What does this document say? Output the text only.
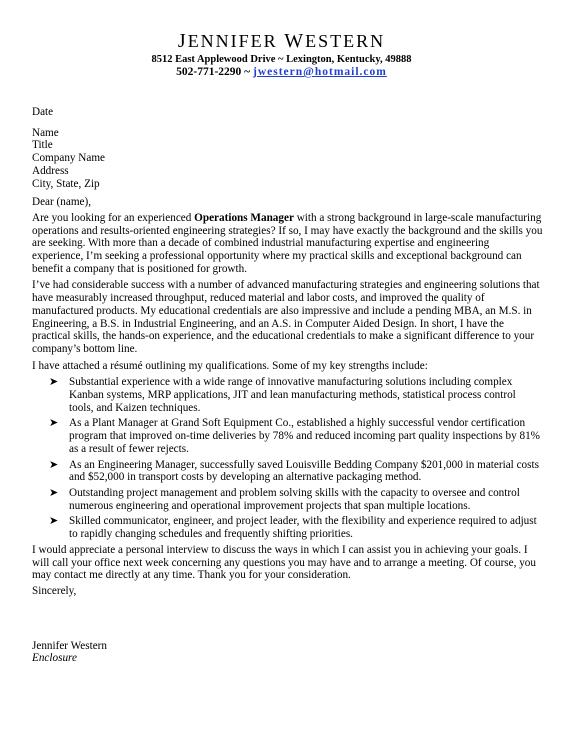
JENNIFER WESTERN
8512 East Applewood Drive ~ Lexington, Kentucky, 49888
502-771-2290 ~ jwestern@hotmail.com
Date
Name
Title
Company Name
Address
City, State, Zip
Dear (name),

Are you looking for an experienced Operations Manager with a strong background in large-scale manufacturing operations and results-oriented engineering strategies? If so, I may have exactly the background and the skills you are seeking. With more than a decade of combined industrial manufacturing expertise and engineering experience, I’m seeking a professional opportunity where my practical skills and exceptional background can benefit a company that is positioned for growth.

I’ve had considerable success with a number of advanced manufacturing strategies and engineering solutions that have measurably increased throughput, reduced material and labor costs, and improved the quality of manufactured products. My educational credentials are also impressive and include a pending MBA, an M.S. in Engineering, a B.S. in Industrial Engineering, and an A.S. in Computer Aided Design. In short, I have the practical skills, the hands-on experience, and the educational credentials to make a significant difference to your company’s bottom line.

I have attached a résumé outlining my qualifications. Some of my key strengths include:
➤ Substantial experience with a wide range of innovative manufacturing solutions including complex Kanban systems, MRP applications, JIT and lean manufacturing methods, statistical process control tools, and Kaizen techniques.
➤ As a Plant Manager at Grand Soft Equipment Co., established a highly successful vendor certification program that improved on-time deliveries by 78% and reduced incoming part quality inspections by 81% as a result of fewer rejects.
➤ As an Engineering Manager, successfully saved Louisville Bedding Company $201,000 in material costs and $52,000 in transport costs by developing an alternative packaging method.
➤ Outstanding project management and problem solving skills with the capacity to oversee and control numerous engineering and operational improvement projects that span multiple locations.
➤ Skilled communicator, engineer, and project leader, with the flexibility and experience required to adjust to rapidly changing schedules and frequently shifting priorities.
I would appreciate a personal interview to discuss the ways in which I can assist you in achieving your goals. I will call your office next week concerning any questions you may have and to arrange a meeting. Of course, you may contact me directly at any time. Thank you for your consideration.
Sincerely,
Jennifer Western
Enclosure
